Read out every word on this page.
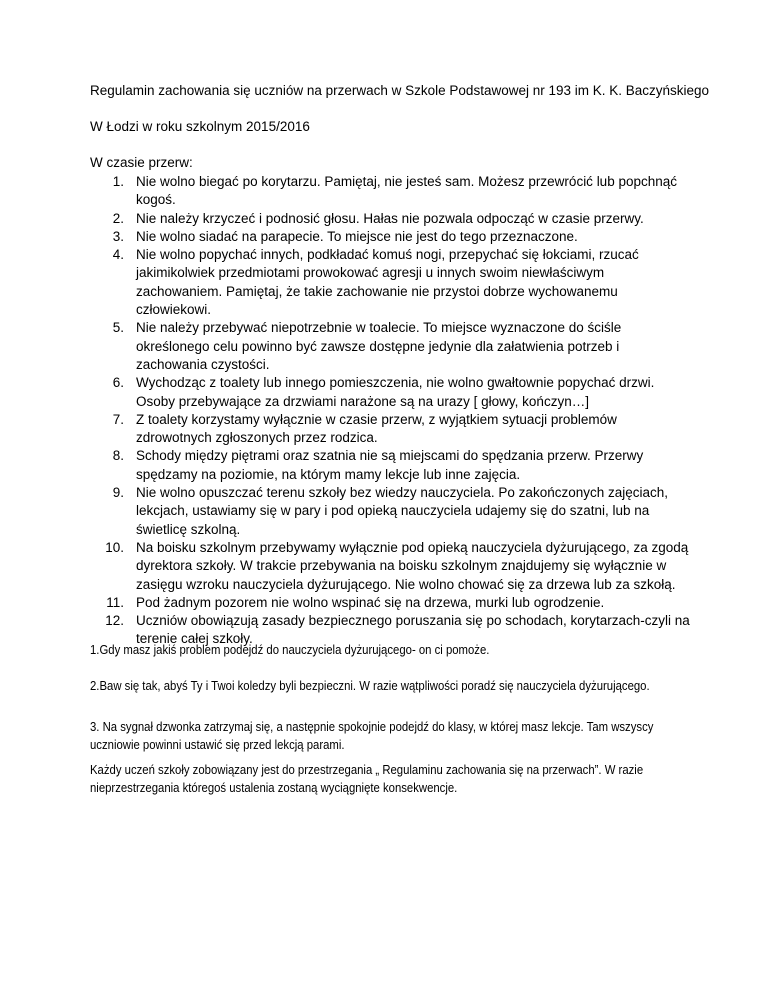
Regulamin zachowania się uczniów na przerwach w Szkole Podstawowej nr 193 im K. K. Baczyńskiego

W Łodzi w roku szkolnym 2015/2016

W czasie przerw:

1. Nie wolno biegać po korytarzu. Pamiętaj, nie jesteś sam. Możesz przewrócić lub popchnąć kogoś.
2. Nie należy krzyczeć i podnosić głosu. Hałas nie pozwala odpocząć w czasie przerwy.
3. Nie wolno siadać na parapecie. To miejsce nie jest do tego przeznaczone.
4. Nie wolno popychać innych, podkładać komuś nogi, przepychać się łokciami, rzucać jakimikolwiek przedmiotami prowokować agresji u innych swoim niewłaściwym zachowaniem. Pamiętaj, że takie zachowanie nie przystoi dobrze wychowanemu człowiekowi.
5. Nie należy przebywać niepotrzebnie w toalecie. To miejsce wyznaczone do ściśle określonego celu powinno być zawsze dostępne jedynie dla załatwienia potrzeb i zachowania czystości.
6. Wychodząc z toalety lub innego pomieszczenia, nie wolno gwałtownie popychać drzwi. Osoby przebywające za drzwiami narażone są na urazy [ głowy, kończyn…]
7. Z toalety korzystamy wyłącznie w czasie przerw, z wyjątkiem sytuacji problemów zdrowotnych zgłoszonych przez rodzica.
8. Schody między piętrami oraz szatnia nie są miejscami do spędzania przerw. Przerwy spędzamy na poziomie, na którym mamy lekcje lub inne zajęcia.
9. Nie wolno opuszczać terenu szkoły bez wiedzy nauczyciela. Po zakończonych zajęciach, lekcjach, ustawiamy się w pary i pod opieką nauczyciela udajemy się do szatni, lub na świetlicę szkolną.
10. Na boisku szkolnym przebywamy wyłącznie pod opieką nauczyciela dyżurującego, za zgodą dyrektora szkoły. W trakcie przebywania na boisku szkolnym znajdujemy się wyłącznie w zasięgu wzroku nauczyciela dyżurującego. Nie wolno chować się za drzewa lub za szkołą.
11. Pod żadnym pozorem nie wolno wspinać się na drzewa, murki lub ogrodzenie.
12. Uczniów obowiązują zasady bezpiecznego poruszania się po schodach, korytarzach-czyli na terenie całej szkoły.

1.Gdy masz jakiś problem podejdź do nauczyciela dyżurującego- on ci pomoże.

2.Baw się tak, abyś Ty i Twoi koledzy byli bezpieczni. W razie wątpliwości poradź się nauczyciela dyżurującego.

3. Na sygnał dzwonka zatrzymaj się, a następnie spokojnie podejdź do klasy, w której masz lekcje. Tam wszyscy uczniowie powinni ustawić się przed lekcją parami.

Każdy uczeń szkoły zobowiązany jest do przestrzegania „ Regulaminu zachowania się na przerwach”. W razie nieprzestrzegania któregoś ustalenia zostaną wyciągnięte konsekwencje.
